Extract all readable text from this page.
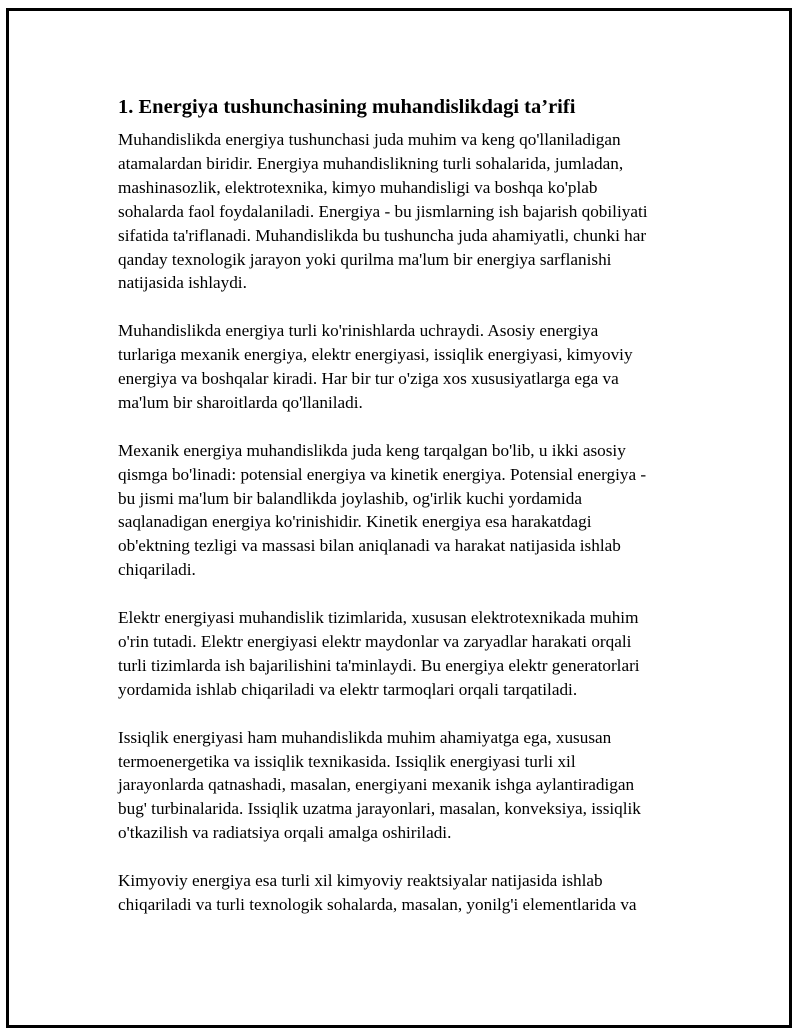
1. Energiya tushunchasining muhandislikdagi ta’rifi

Muhandislikda energiya tushunchasi juda muhim va keng qo'llaniladigan
atamalardan biridir. Energiya muhandislikning turli sohalarida, jumladan,
mashinasozlik, elektrotexnika, kimyo muhandisligi va boshqa ko'plab
sohalarda faol foydalaniladi. Energiya - bu jismlarning ish bajarish qobiliyati
sifatida ta'riflanadi. Muhandislikda bu tushuncha juda ahamiyatli, chunki har
qanday texnologik jarayon yoki qurilma ma'lum bir energiya sarflanishi
natijasida ishlaydi.

Muhandislikda energiya turli ko'rinishlarda uchraydi. Asosiy energiya
turlariga mexanik energiya, elektr energiyasi, issiqlik energiyasi, kimyoviy
energiya va boshqalar kiradi. Har bir tur o'ziga xos xususiyatlarga ega va
ma'lum bir sharoitlarda qo'llaniladi.

Mexanik energiya muhandislikda juda keng tarqalgan bo'lib, u ikki asosiy
qismga bo'linadi: potensial energiya va kinetik energiya. Potensial energiya -
bu jismi ma'lum bir balandlikda joylashib, og'irlik kuchi yordamida
saqlanadigan energiya ko'rinishidir. Kinetik energiya esa harakatdagi
ob'ektning tezligi va massasi bilan aniqlanadi va harakat natijasida ishlab
chiqariladi.

Elektr energiyasi muhandislik tizimlarida, xususan elektrotexnikada muhim
o'rin tutadi. Elektr energiyasi elektr maydonlar va zaryadlar harakati orqali
turli tizimlarda ish bajarilishini ta'minlaydi. Bu energiya elektr generatorlari
yordamida ishlab chiqariladi va elektr tarmoqlari orqali tarqatiladi.

Issiqlik energiyasi ham muhandislikda muhim ahamiyatga ega, xususan
termoenergetika va issiqlik texnikasida. Issiqlik energiyasi turli xil
jarayonlarda qatnashadi, masalan, energiyani mexanik ishga aylantiradigan
bug' turbinalarida. Issiqlik uzatma jarayonlari, masalan, konveksiya, issiqlik
o'tkazilish va radiatsiya orqali amalga oshiriladi.

Kimyoviy energiya esa turli xil kimyoviy reaktsiyalar natijasida ishlab
chiqariladi va turli texnologik sohalarda, masalan, yonilg'i elementlarida va
